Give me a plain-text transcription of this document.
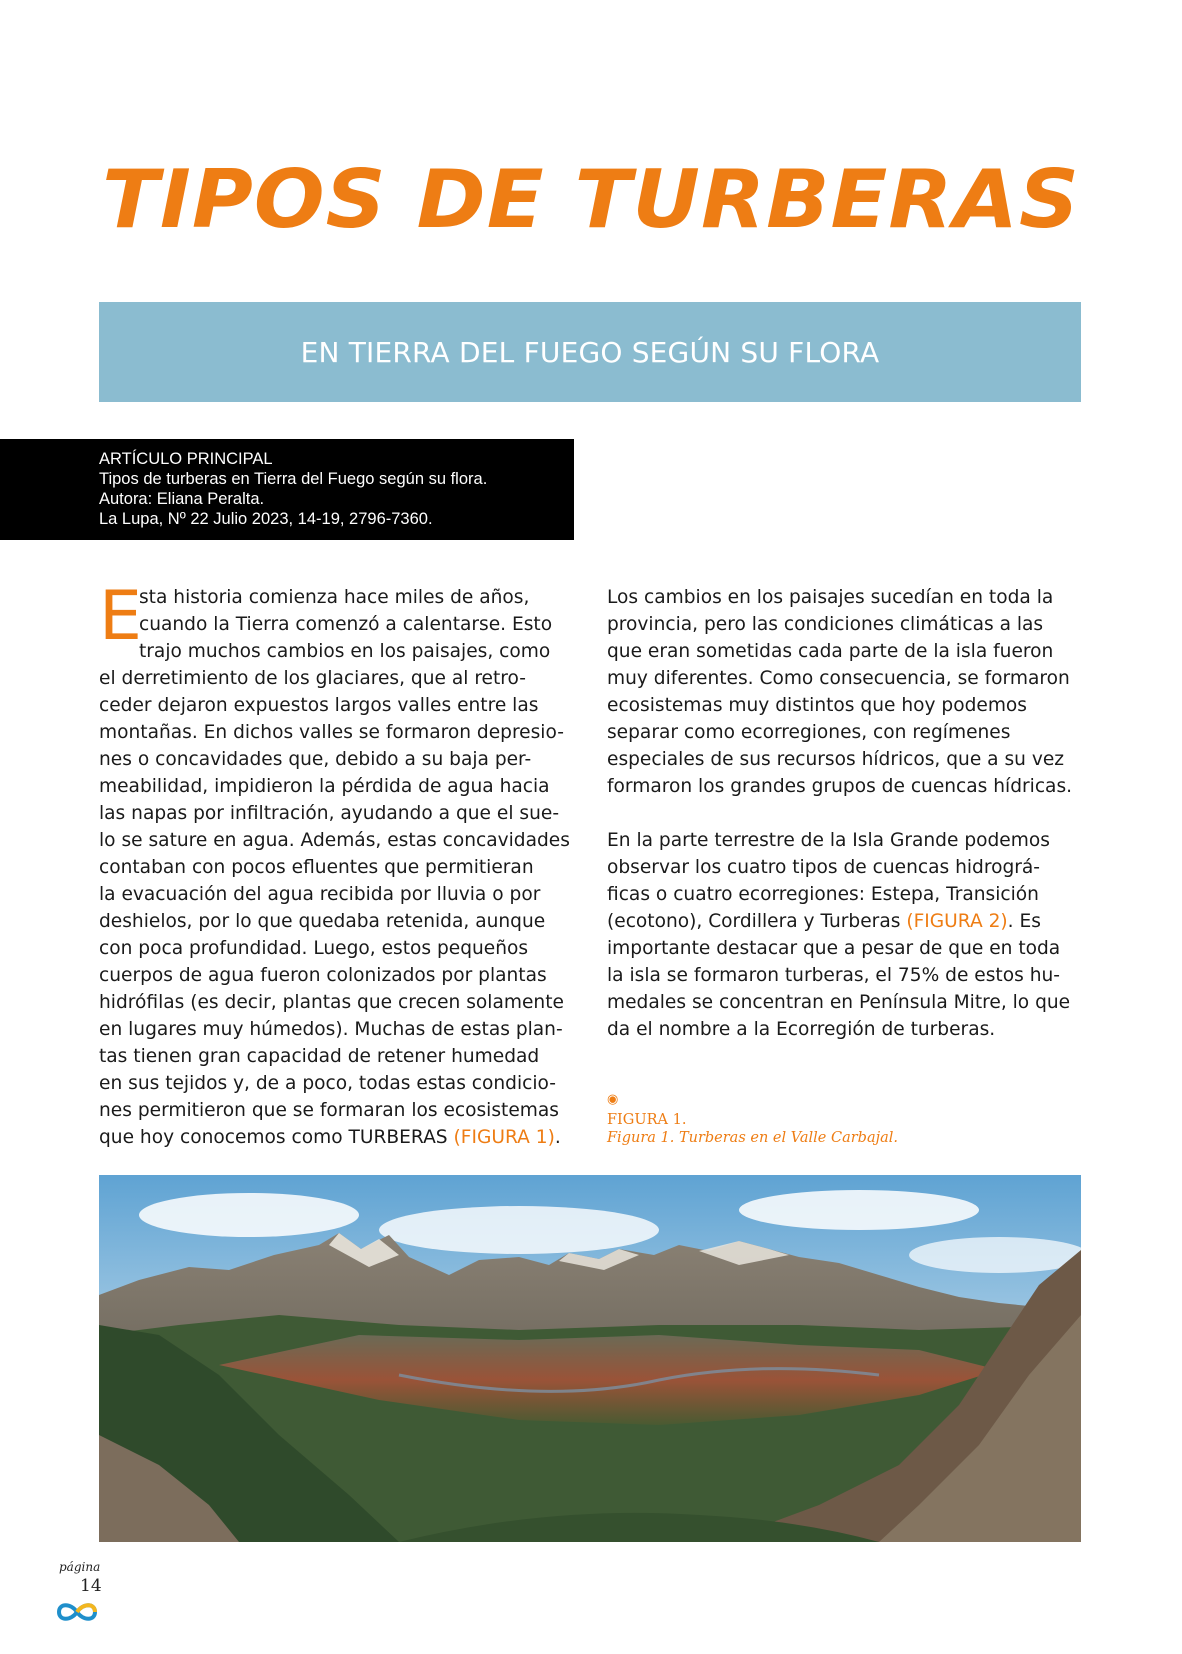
TIPOS DE TURBERAS
EN TIERRA DEL FUEGO SEGÚN SU FLORA
ARTÍCULO PRINCIPAL
Tipos de turberas en Tierra del Fuego según su flora.
Autora: Eliana Peralta.
La Lupa, Nº 22 Julio 2023, 14-19, 2796-7360.
E

sta historia comienza hace miles de años,
cuando la Tierra comenzó a calentarse. Esto
trajo muchos cambios en los paisajes, como
el derretimiento de los glaciares, que al retro-
ceder dejaron expuestos largos valles entre las
montañas. En dichos valles se formaron depresio-
nes o concavidades que, debido a su baja per-
meabilidad, impidieron la pérdida de agua hacia
las napas por infiltración, ayudando a que el sue-
lo se sature en agua. Además, estas concavidades
contaban con pocos efluentes que permitieran
la evacuación del agua recibida por lluvia o por
deshielos, por lo que quedaba retenida, aunque
con poca profundidad. Luego, estos pequeños
cuerpos de agua fueron colonizados por plantas
hidrófilas (es decir, plantas que crecen solamente
en lugares muy húmedos). Muchas de estas plan-
tas tienen gran capacidad de retener humedad
en sus tejidos y, de a poco, todas estas condicio-
nes permitieron que se formaran los ecosistemas
que hoy conocemos como TURBERAS (FIGURA 1).

Los cambios en los paisajes sucedían en toda la
provincia, pero las condiciones climáticas a las
que eran sometidas cada parte de la isla fueron
muy diferentes. Como consecuencia, se formaron
ecosistemas muy distintos que hoy podemos
separar como ecorregiones, con regímenes
especiales de sus recursos hídricos, que a su vez
formaron los grandes grupos de cuencas hídricas.

En la parte terrestre de la Isla Grande podemos
observar los cuatro tipos de cuencas hidrográ-
ficas o cuatro ecorregiones: Estepa, Transición
(ecotono), Cordillera y Turberas (FIGURA 2). Es
importante destacar que a pesar de que en toda
la isla se formaron turberas, el 75% de estos hu-
medales se concentran en Península Mitre, lo que
da el nombre a la Ecorregión de turberas.

◉
FIGURA 1.
Figura 1. Turberas en el Valle Carbajal.
página
14
